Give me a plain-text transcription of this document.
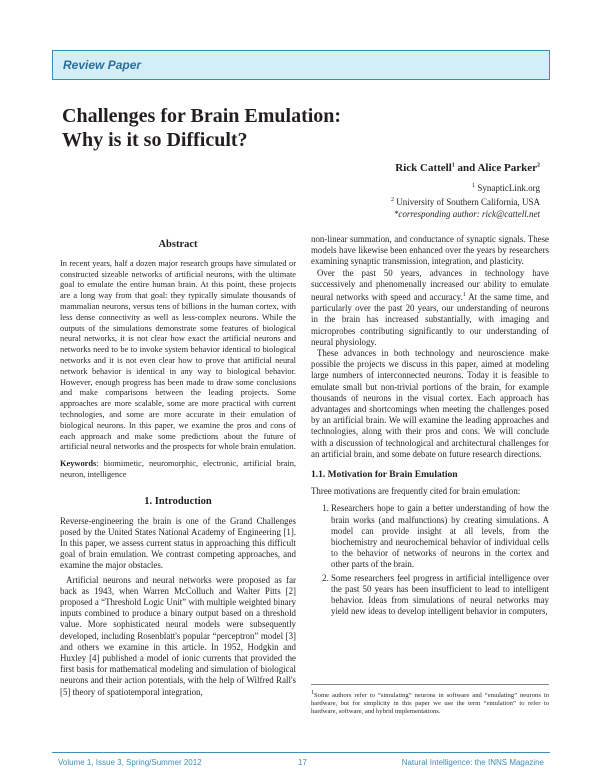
Review Paper
Challenges for Brain Emulation:
Why is it so Difficult?
Rick Cattell$^1$ and Alice Parker$^2$
$^1$ SynapticLink.org
$^2$ University of Southern California, USA
*corresponding author: rick@cattell.net
Abstract

In recent years, half a dozen major research groups have simulated or constructed sizeable networks of artificial neurons, with the ultimate goal to emulate the entire human brain. At this point, these projects are a long way from that goal: they typically simulate thousands of mammalian neurons, versus tens of billions in the human cortex, with less dense connectivity as well as less-complex neurons. While the outputs of the simulations demonstrate some features of biological neural networks, it is not clear how exact the artificial neurons and networks need to be to invoke system behavior identical to biological networks and it is not even clear how to prove that artificial neural network behavior is identical in any way to biological behavior. However, enough progress has been made to draw some conclusions and make comparisons between the leading projects. Some approaches are more scalable, some are more practical with current technologies, and some are more accurate in their emulation of biological neurons. In this paper, we examine the pros and cons of each approach and make some predictions about the future of artificial neural networks and the prospects for whole brain emulation.

Keywords: biomimetic, neuromorphic, electronic, artificial brain, neuron, intelligence

1. Introduction

Reverse-engineering the brain is one of the Grand Challenges posed by the United States National Academy of Engineering [1]. In this paper, we assess current status in approaching this difficult goal of brain emulation. We contrast competing approaches, and examine the major obstacles.

Artificial neurons and neural networks were proposed as far back as 1943, when Warren McColluch and Walter Pitts [2] proposed a “Threshold Logic Unit” with multiple weighted binary inputs combined to produce a binary output based on a threshold value. More sophisticated neural models were subsequently developed, including Rosenblatt's popular “perceptron” model [3] and others we examine in this article. In 1952, Hodgkin and Huxley [4] published a model of ionic currents that provided the first basis for mathematical modeling and simulation of biological neurons and their action potentials, with the help of Wilfred Rall's [5] theory of spatiotemporal integration,

non-linear summation, and conductance of synaptic signals. These models have likewise been enhanced over the years by researchers examining synaptic transmission, integration, and plasticity.

Over the past 50 years, advances in technology have successively and phenomenally increased our ability to emulate neural networks with speed and accuracy.$^1$ At the same time, and particularly over the past 20 years, our understanding of neurons in the brain has increased substantially, with imaging and microprobes contributing significantly to our understanding of neural physiology.

These advances in both technology and neuroscience make possible the projects we discuss in this paper, aimed at modeling large numbers of interconnected neurons. Today it is feasible to emulate small but non-trivial portions of the brain, for example thousands of neurons in the visual cortex. Each approach has advantages and shortcomings when meeting the challenges posed by an artificial brain. We will examine the leading approaches and technologies, along with their pros and cons. We will conclude with a discussion of technological and architectural challenges for an artificial brain, and some debate on future research directions.

1.1. Motivation for Brain Emulation

Three motivations are frequently cited for brain emulation:

1. Researchers hope to gain a better understanding of how the brain works (and malfunctions) by creating simulations. A model can provide insight at all levels, from the biochemistry and neurochemical behavior of individual cells to the behavior of networks of neurons in the cortex and other parts of the brain.
2. Some researchers feel progress in artificial intelligence over the past 50 years has been insufficient to lead to intelligent behavior. Ideas from simulations of neural networks may yield new ideas to develop intelligent behavior in computers,
$^1$Some authors refer to “simulating” neurons in software and “emulating” neurons in hardware, but for simplicity in this paper we use the term “emulation” to refer to hardware, software, and hybrid implementations.
Volume 1, Issue 3, Spring/Summer 2012	17	Natural Intelligence: the INNS Magazine
